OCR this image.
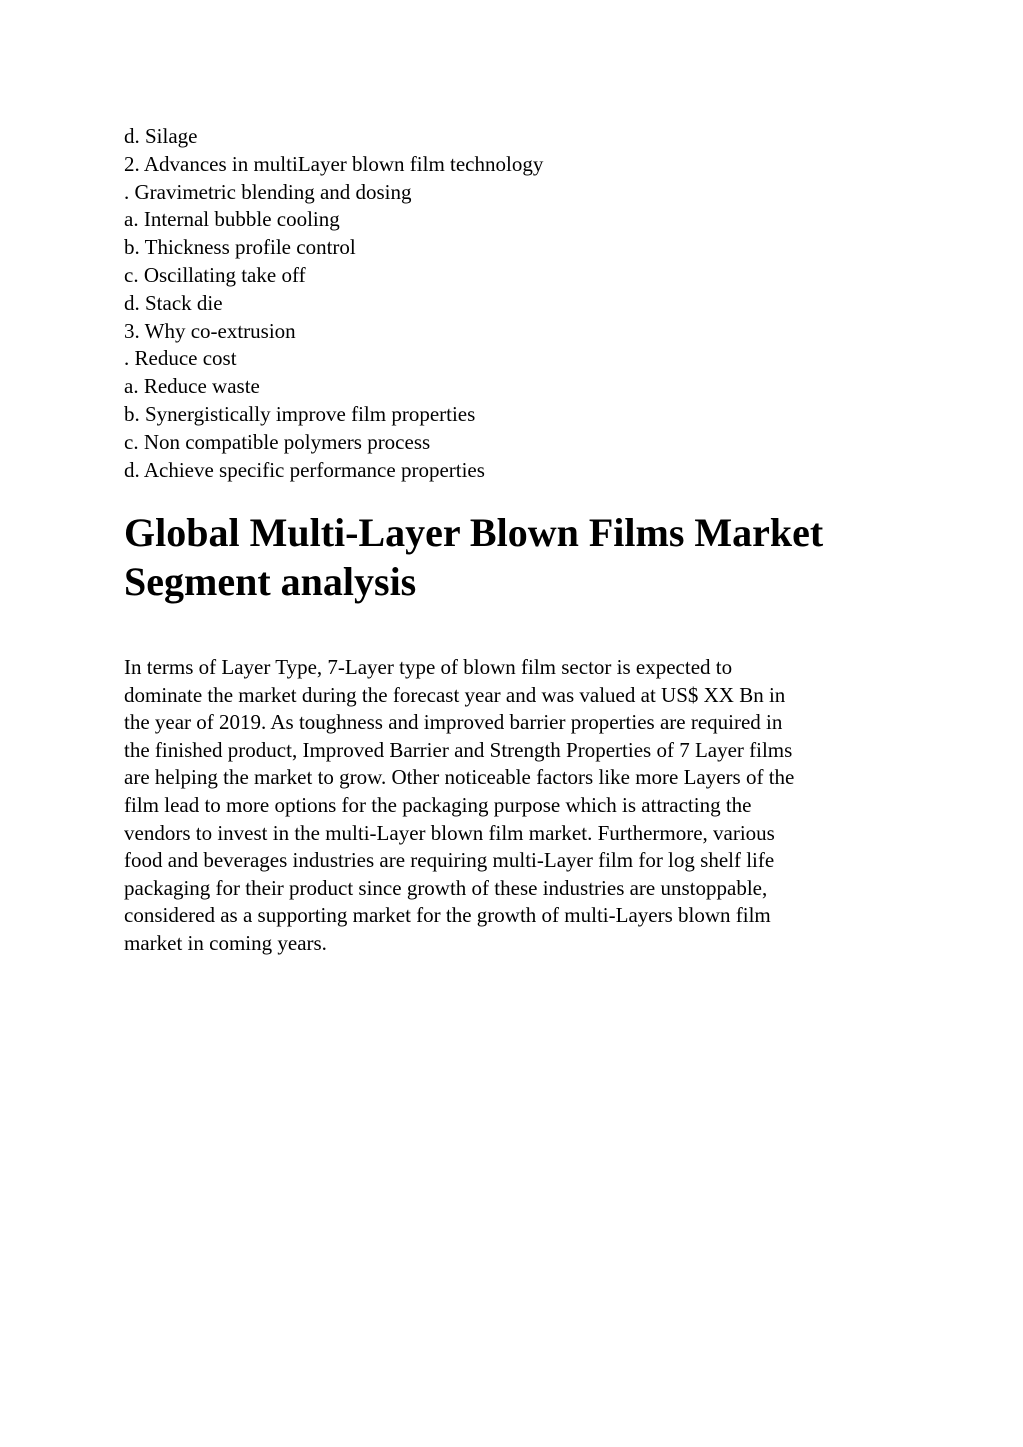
d. Silage
2. Advances in multiLayer blown film technology
. Gravimetric blending and dosing
a. Internal bubble cooling
b. Thickness profile control
c. Oscillating take off
d. Stack die
3. Why co-extrusion
. Reduce cost
a. Reduce waste
b. Synergistically improve film properties
c. Non compatible polymers process
d. Achieve specific performance properties
Global Multi-Layer Blown Films Market
Segment analysis
In terms of Layer Type, 7-Layer type of blown film sector is expected to
dominate the market during the forecast year and was valued at US$ XX Bn in
the year of 2019. As toughness and improved barrier properties are required in
the finished product, Improved Barrier and Strength Properties of 7 Layer films
are helping the market to grow. Other noticeable factors like more Layers of the
film lead to more options for the packaging purpose which is attracting the
vendors to invest in the multi-Layer blown film market. Furthermore, various
food and beverages industries are requiring multi-Layer film for log shelf life
packaging for their product since growth of these industries are unstoppable,
considered as a supporting market for the growth of multi-Layers blown film
market in coming years.
